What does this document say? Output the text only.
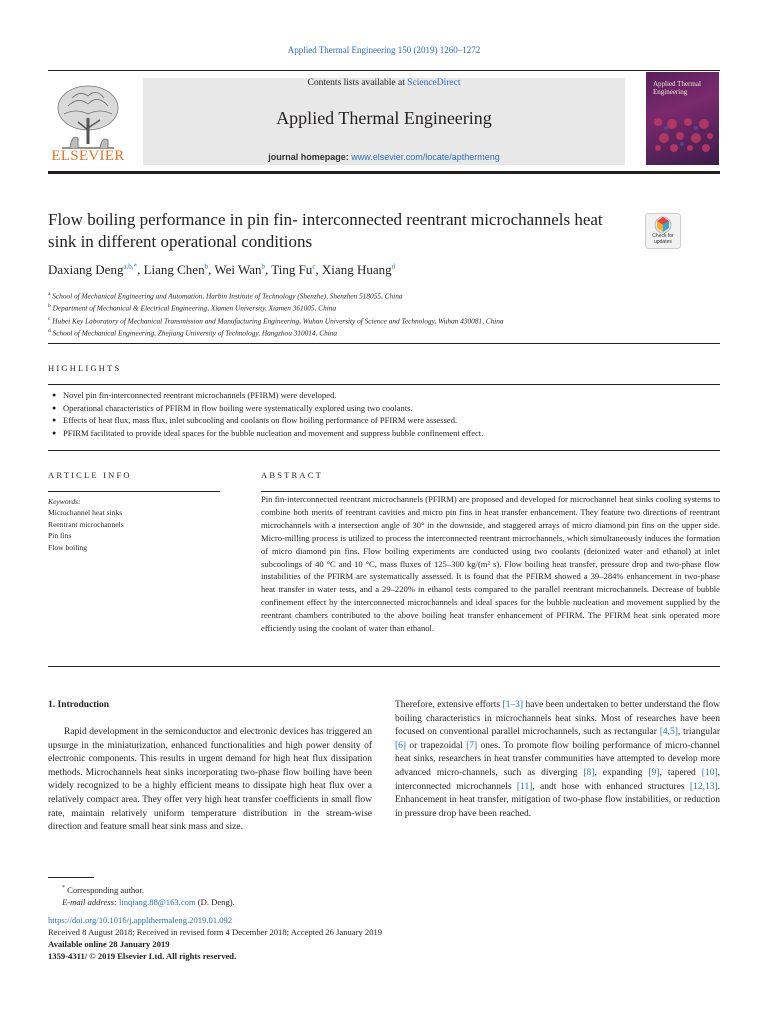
Applied Thermal Engineering 150 (2019) 1260–1272
ELSEVIER
Contents lists available at ScienceDirect
Applied Thermal Engineering
journal homepage: www.elsevier.com/locate/apthermeng
Applied Thermal Engineering
Flow boiling performance in pin fin- interconnected reentrant microchannels heat sink in different operational conditions	Check for updates
Daxiang Deng$^{a,b,*}$, Liang Chen$^b$, Wei Wan$^b$, Ting Fu$^c$, Xiang Huang$^d$
$^a$ School of Mechanical Engineering and Automation, Harbin Institute of Technology (Shenzhe), Shenzhen 518055, China
$^b$ Department of Mechanical & Electrical Engineering, Xiamen University, Xiamen 361005, China
$^c$ Hubei Key Laboratory of Mechanical Transmission and Manufacturing Engineering, Wuhan University of Science and Technology, Wuhan 430081, China
$^d$ School of Mechanical Engineering, Zhejiang University of Technology, Hangzhou 310014, China
HIGHLIGHTS
● Novel pin fin-interconnected reentrant microchannels (PFIRM) were developed.
● Operational characteristics of PFIRM in flow boiling were systematically explored using two coolants.
● Effects of heat flux, mass flux, inlet subcooling and coolants on flow boiling performance of PFIRM were assessed.
● PFIRM facilitated to provide ideal spaces for the bubble nucleation and movement and suppress bubble confinement effect.
ARTICLE INFO	ABSTRACT
Keywords:
Microchannel heat sinks
Reentrant microchannels
Pin fins
Flow boiling
Pin fin-interconnected reentrant microchannels (PFIRM) are proposed and developed for microchannel heat sinks cooling systems to combine both merits of reentrant cavities and micro pin fins in heat transfer enhancement. They feature two directions of reentrant microchannels with a intersection angle of 30° in the downside, and staggered arrays of micro diamond pin fins on the upper side. Micro-milling process is utilized to process the interconnected reentrant microchannels, which simultaneously induces the formation of micro diamond pin fins. Flow boiling experiments are conducted using two coolants (deionized water and ethanol) at inlet subcoolings of 40 °C and 10 °C, mass fluxes of 125–300 kg/(m² s). Flow boiling heat transfer, pressure drop and two-phase flow instabilities of the PFIRM are systematically assessed. It is found that the PFIRM showed a 39–284% enhancement in two-phase heat transfer in water tests, and a 29–220% in ethanol tests compared to the parallel reentrant microchannels. Decrease of bubble confinement effect by the interconnected microchannels and ideal spaces for the bubble nucleation and movement supplied by the reentrant chambers contributed to the above boiling heat transfer enhancement of PFIRM. The PFIRM heat sink operated more efficiently using the coolant of water than ethanol.
1. Introduction
Rapid development in the semiconductor and electronic devices has triggered an upsurge in the miniaturization, enhanced functionalities and high power density of electronic components. This results in urgent demand for high heat flux dissipation methods. Microchannels heat sinks incorporating two-phase flow boiling have been widely recognized to be a highly efficient means to dissipate high heat flux over a relatively compact area. They offer very high heat transfer coefficients in small flow rate, maintain relatively uniform temperature distribution in the stream-wise direction and feature small heat sink mass and size.
Therefore, extensive efforts [1–3] have been undertaken to better understand the flow boiling characteristics in microchannels heat sinks. Most of researches have been focused on conventional parallel microchannels, such as rectangular [4,5], triangular [6] or trapezoidal [7] ones. To promote flow boiling performance of micro-channel heat sinks, researchers in heat transfer communities have attempted to develop more advanced micro-channels, such as diverging [8], expanding [9], tapered [10], interconnected microchannels [11], andt hose with enhanced structures [12,13]. Enhancement in heat transfer, mitigation of two-phase flow instabilities, or reduction in pressure drop have been reached.
* Corresponding author.
E-mail address: linqiang.88@163.com (D. Deng).
https://doi.org/10.1016/j.applthermaleng.2019.01.092
Received 8 August 2018; Received in revised form 4 December 2018; Accepted 26 January 2019
Available online 28 January 2019
1359-4311/ © 2019 Elsevier Ltd. All rights reserved.
